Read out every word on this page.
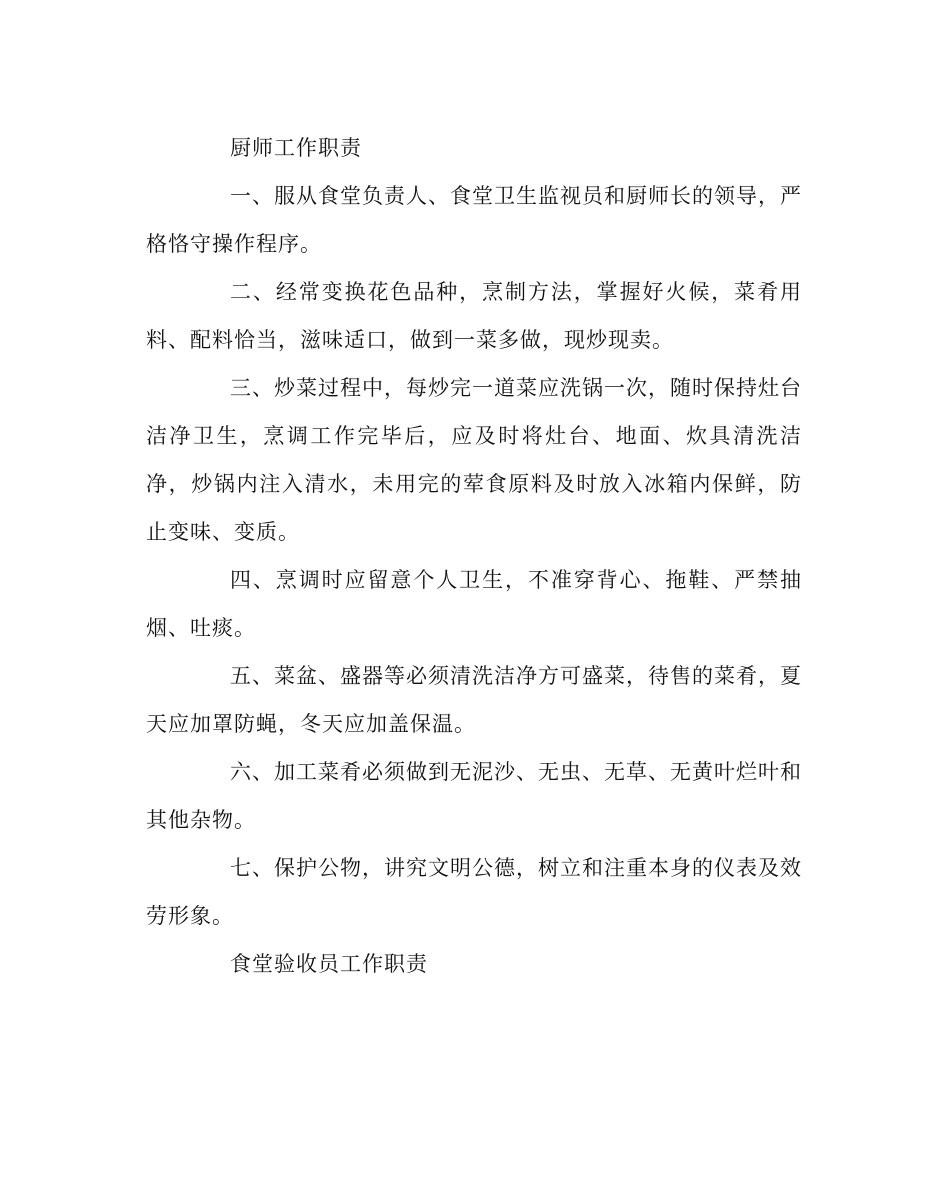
厨师工作职责

一、服从食堂负责人、食堂卫生监视员和厨师长的领导，严格恪守操作程序。

二、经常变换花色品种，烹制方法，掌握好火候，菜肴用料、配料恰当，滋味适口，做到一菜多做，现炒现卖。

三、炒菜过程中，每炒完一道菜应洗锅一次，随时保持灶台洁净卫生，烹调工作完毕后，应及时将灶台、地面、炊具清洗洁净，炒锅内注入清水，未用完的荤食原料及时放入冰箱内保鲜，防止变味、变质。

四、烹调时应留意个人卫生，不准穿背心、拖鞋、严禁抽烟、吐痰。

五、菜盆、盛器等必须清洗洁净方可盛菜，待售的菜肴，夏天应加罩防蝇，冬天应加盖保温。

六、加工菜肴必须做到无泥沙、无虫、无草、无黄叶烂叶和其他杂物。

七、保护公物，讲究文明公德，树立和注重本身的仪表及效劳形象。

食堂验收员工作职责
